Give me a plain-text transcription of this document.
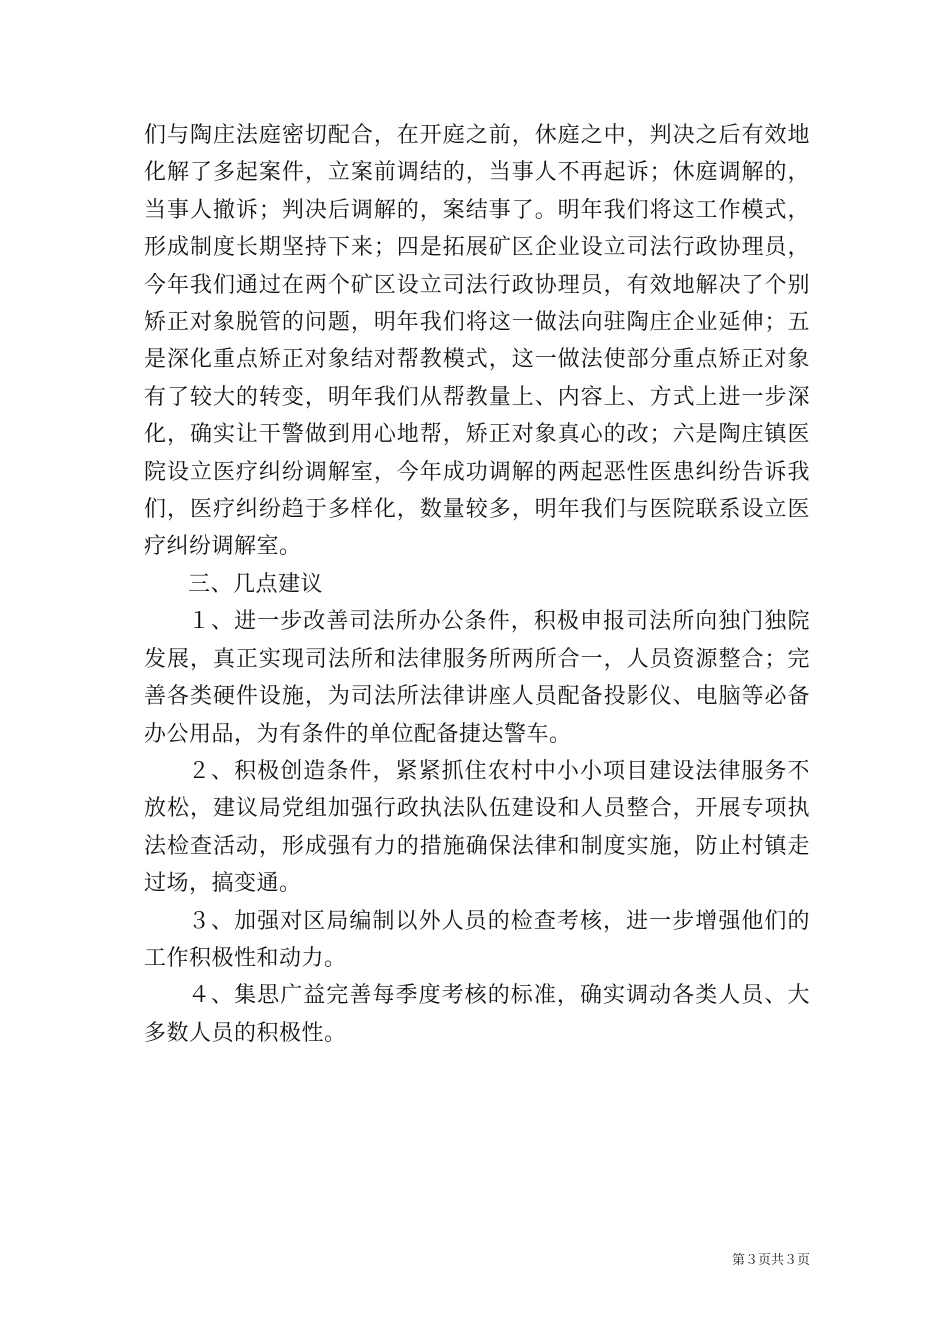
们与陶庄法庭密切配合，在开庭之前，休庭之中，判决之后有效地化解了多起案件，立案前调结的，当事人不再起诉；休庭调解的，当事人撤诉；判决后调解的，案结事了。明年我们将这工作模式，形成制度长期坚持下来；四是拓展矿区企业设立司法行政协理员，今年我们通过在两个矿区设立司法行政协理员，有效地解决了个别矫正对象脱管的问题，明年我们将这一做法向驻陶庄企业延伸；五是深化重点矫正对象结对帮教模式，这一做法使部分重点矫正对象有了较大的转变，明年我们从帮教量上、内容上、方式上进一步深化，确实让干警做到用心地帮，矫正对象真心的改；六是陶庄镇医院设立医疗纠纷调解室，今年成功调解的两起恶性医患纠纷告诉我们，医疗纠纷趋于多样化，数量较多，明年我们与医院联系设立医疗纠纷调解室。

三、几点建议

１、进一步改善司法所办公条件，积极申报司法所向独门独院发展，真正实现司法所和法律服务所两所合一，人员资源整合；完善各类硬件设施，为司法所法律讲座人员配备投影仪、电脑等必备办公用品，为有条件的单位配备捷达警车。

２、积极创造条件，紧紧抓住农村中小小项目建设法律服务不放松，建议局党组加强行政执法队伍建设和人员整合，开展专项执法检查活动，形成强有力的措施确保法律和制度实施，防止村镇走过场，搞变通。

３、加强对区局编制以外人员的检查考核，进一步增强他们的工作积极性和动力。

４、集思广益完善每季度考核的标准，确实调动各类人员、大多数人员的积极性。

第３页共３页
